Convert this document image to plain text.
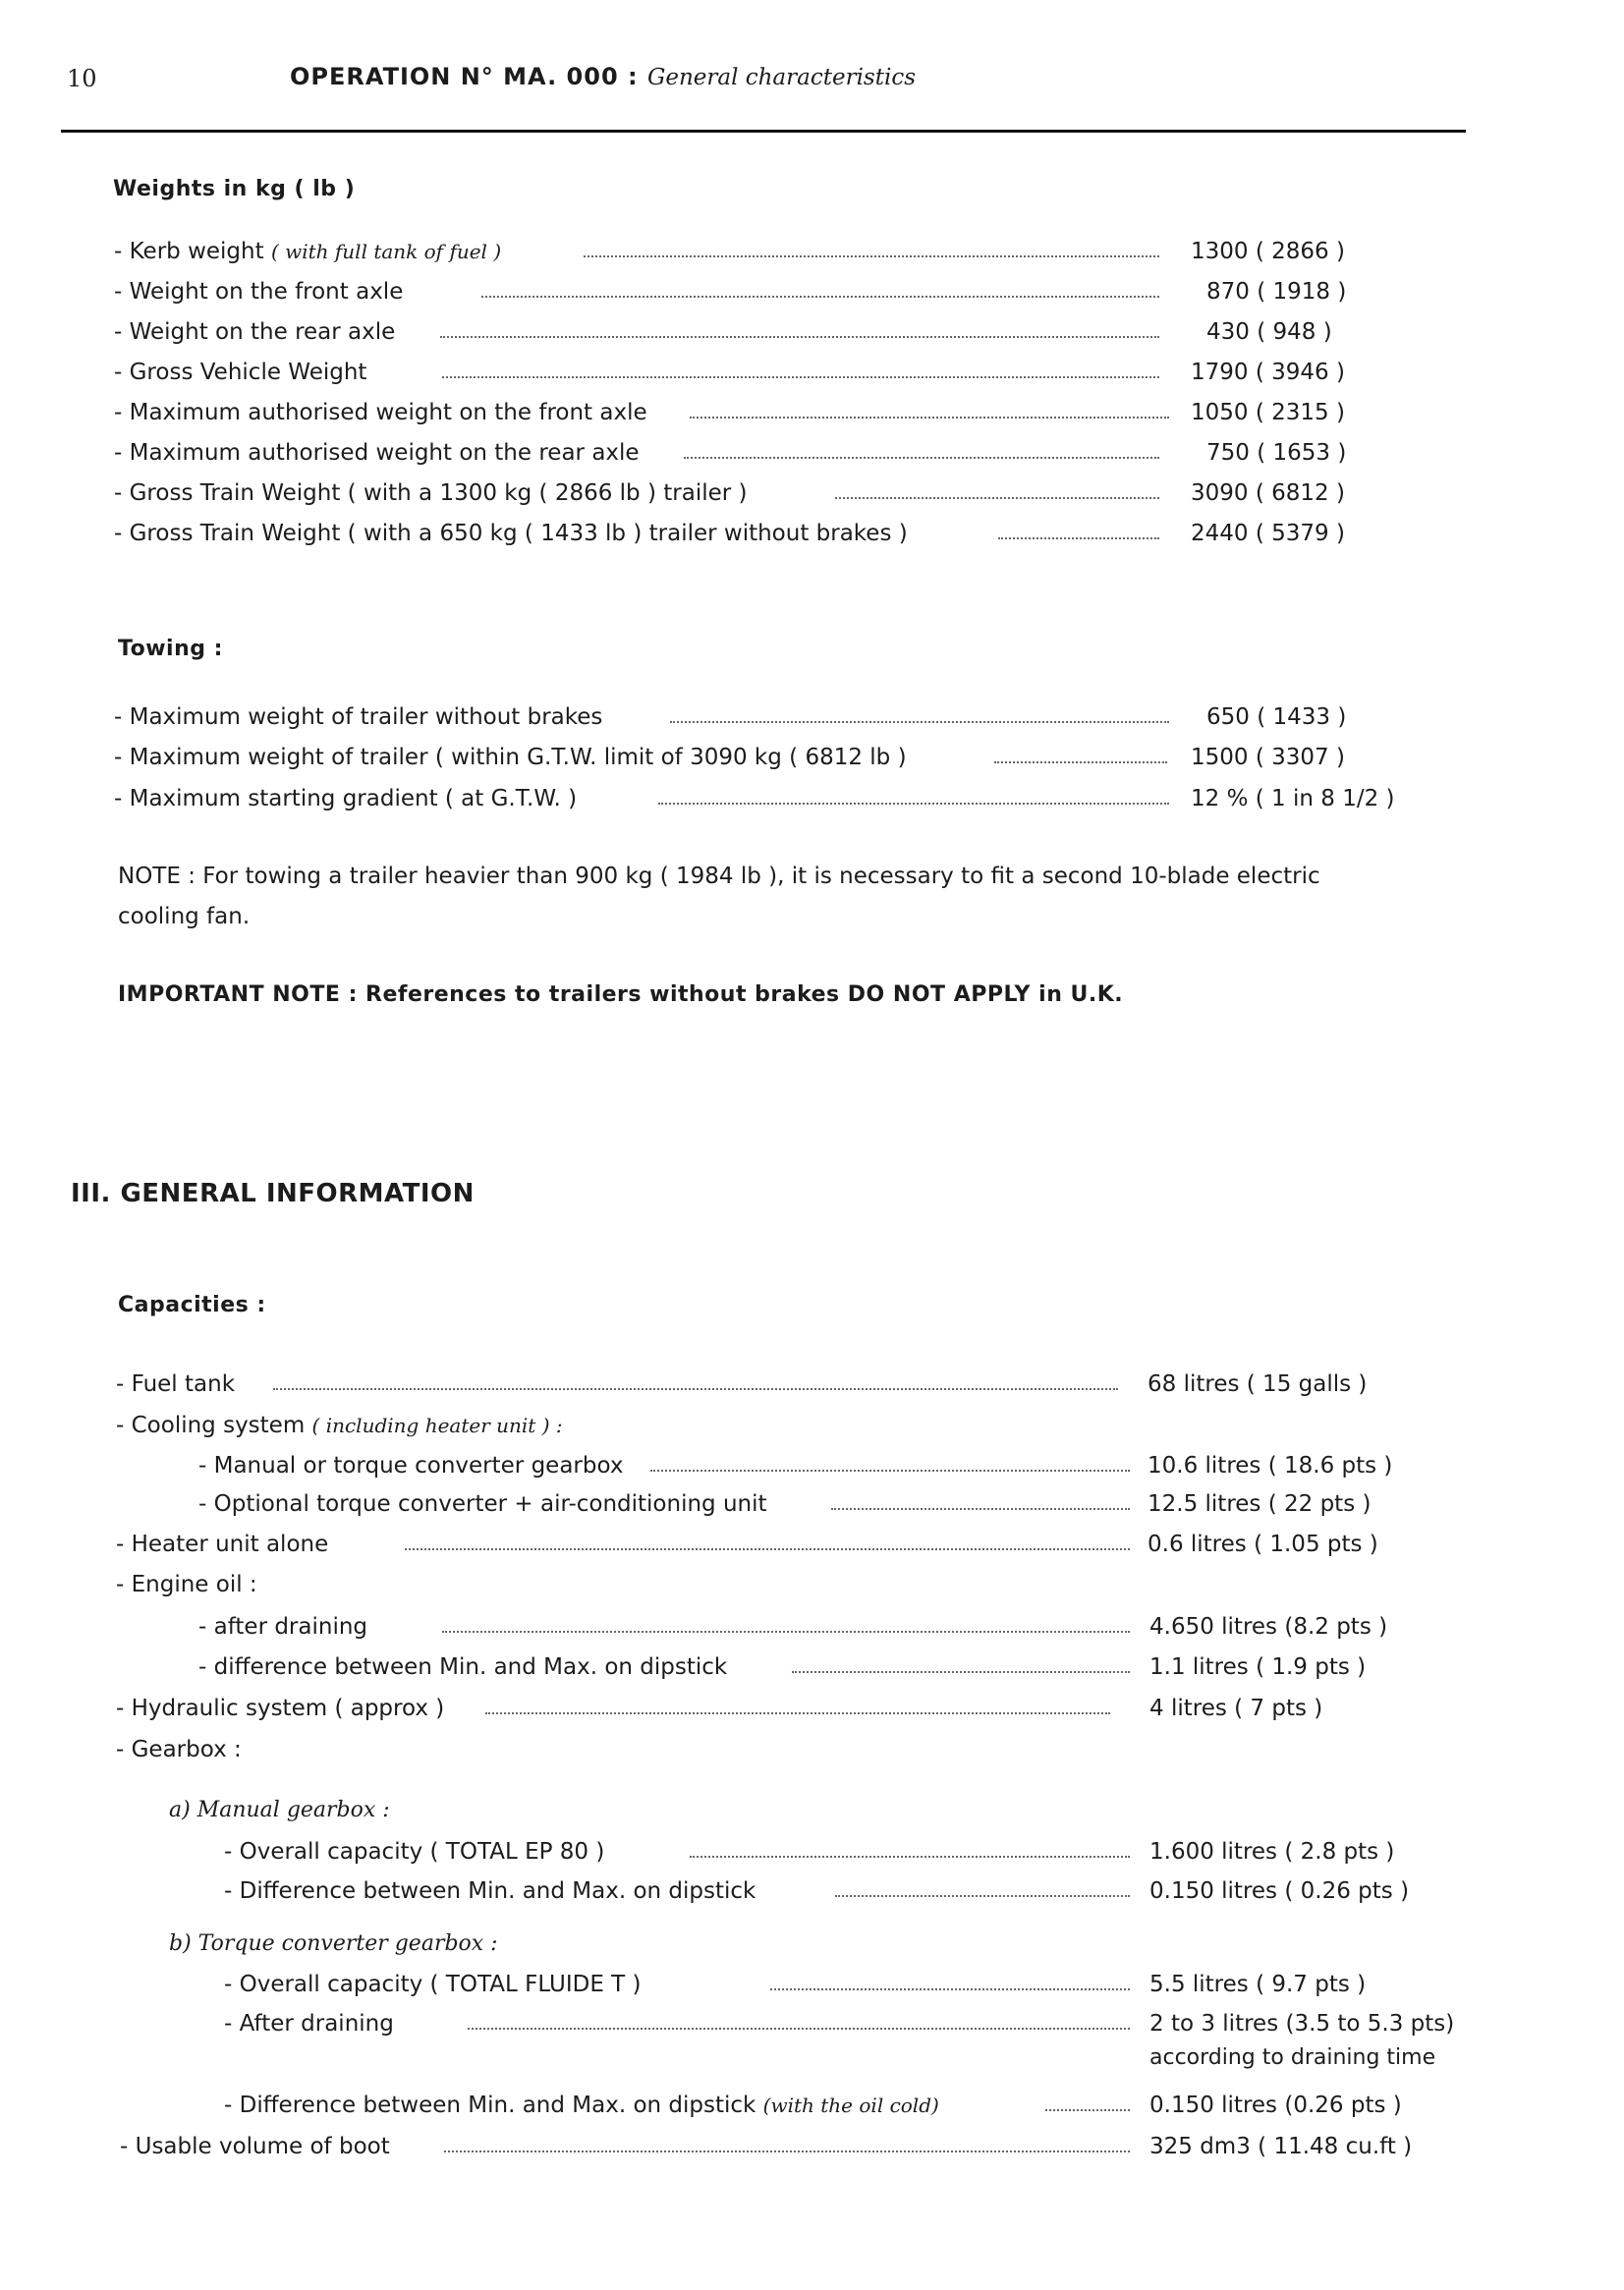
10	OPERATION N° MA. 000 : General characteristics
Weights in kg ( lb )
- Kerb weight ( with full tank of fuel )	1300 ( 2866 )
- Weight on the front axle	870 ( 1918 )
- Weight on the rear axle	430 ( 948 )
- Gross Vehicle Weight	1790 ( 3946 )
- Maximum authorised weight on the front axle	1050 ( 2315 )
- Maximum authorised weight on the rear axle	750 ( 1653 )
- Gross Train Weight ( with a 1300 kg ( 2866 lb ) trailer )	3090 ( 6812 )
- Gross Train Weight ( with a 650 kg ( 1433 lb ) trailer without brakes )	2440 ( 5379 )
Towing :
- Maximum weight of trailer without brakes	650 ( 1433 )
- Maximum weight of trailer ( within G.T.W. limit of 3090 kg ( 6812 lb )	1500 ( 3307 )
- Maximum starting gradient ( at G.T.W. )	12 % ( 1 in 8 1/2 )
NOTE : For towing a trailer heavier than 900 kg ( 1984 lb ), it is necessary to fit a second 10-blade electric
cooling fan.
IMPORTANT NOTE : References to trailers without brakes DO NOT APPLY in U.K.
III. GENERAL INFORMATION
Capacities :
- Fuel tank	68 litres ( 15 galls )
- Cooling system ( including heater unit ) :
- Manual or torque converter gearbox	10.6 litres ( 18.6 pts )
- Optional torque converter + air-conditioning unit	12.5 litres ( 22 pts )
- Heater unit alone	0.6 litres ( 1.05 pts )
- Engine oil :
- after draining	4.650 litres (8.2 pts )
- difference between Min. and Max. on dipstick	1.1 litres ( 1.9 pts )
- Hydraulic system ( approx )	4 litres ( 7 pts )
- Gearbox :
a) Manual gearbox :
- Overall capacity ( TOTAL EP 80 )	1.600 litres ( 2.8 pts )
- Difference between Min. and Max. on dipstick	0.150 litres ( 0.26 pts )
b) Torque converter gearbox :
- Overall capacity ( TOTAL FLUIDE T )	5.5 litres ( 9.7 pts )
- After draining	2 to 3 litres (3.5 to 5.3 pts)
according to draining time
- Difference between Min. and Max. on dipstick (with the oil cold)	0.150 litres (0.26 pts )
- Usable volume of boot	325 dm3 ( 11.48 cu.ft )
